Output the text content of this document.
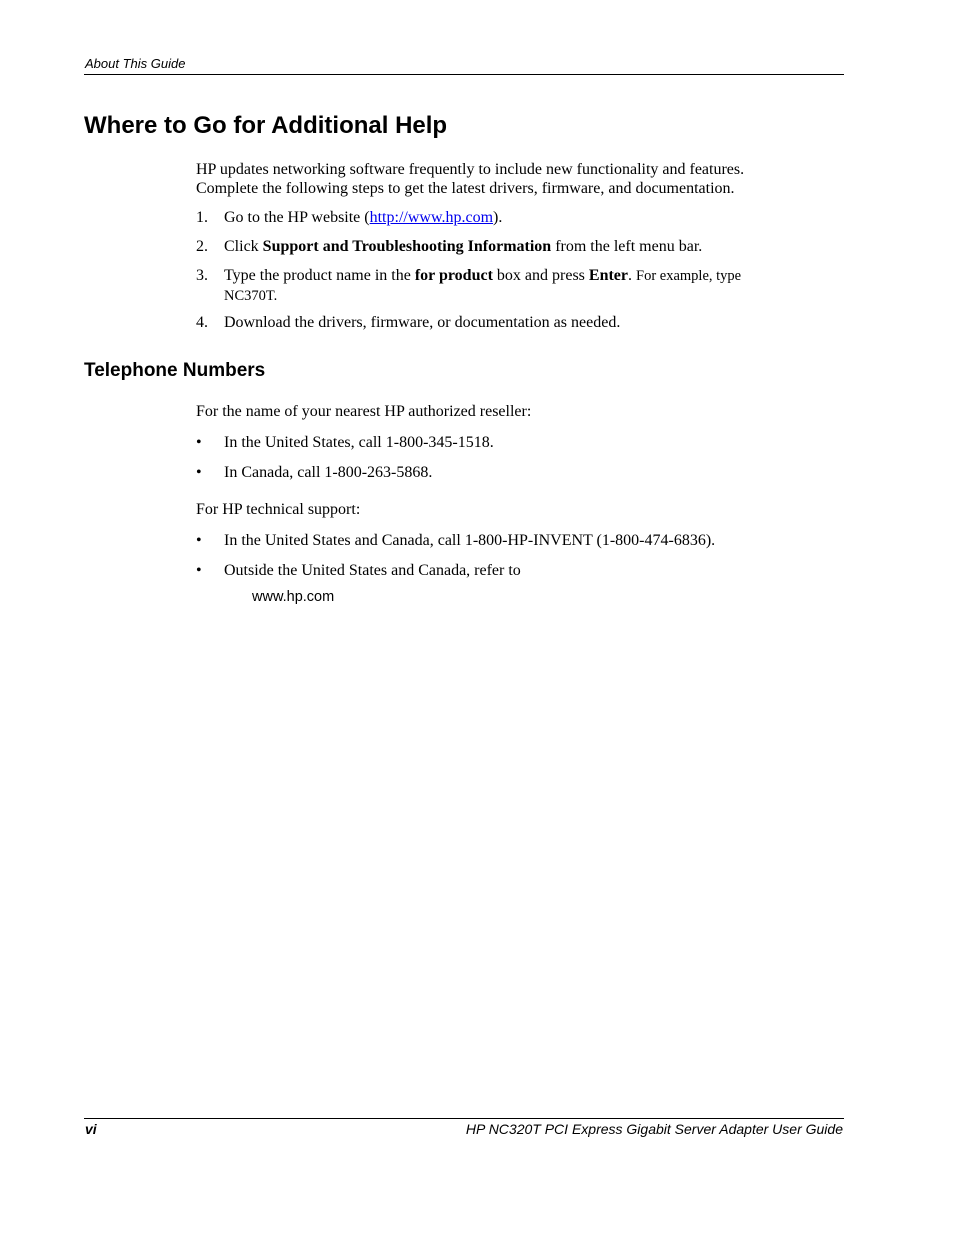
About This Guide
Where to Go for Additional Help
HP updates networking software frequently to include new functionality and features.
Complete the following steps to get the latest drivers, firmware, and documentation.
1.	Go to the HP website (http://www.hp.com).
2.	Click Support and Troubleshooting Information from the left menu bar.
3.	Type the product name in the for product box and press Enter. For example, type
NC370T.
4.	Download the drivers, firmware, or documentation as needed.
Telephone Numbers
For the name of your nearest HP authorized reseller:
• In the United States, call 1-800-345-1518.
• In Canada, call 1-800-263-5868.
For HP technical support:
• In the United States and Canada, call 1-800-HP-INVENT (1-800-474-6836).
• Outside the United States and Canada, refer to
www.hp.com
vi	HP NC320T PCI Express Gigabit Server Adapter User Guide
